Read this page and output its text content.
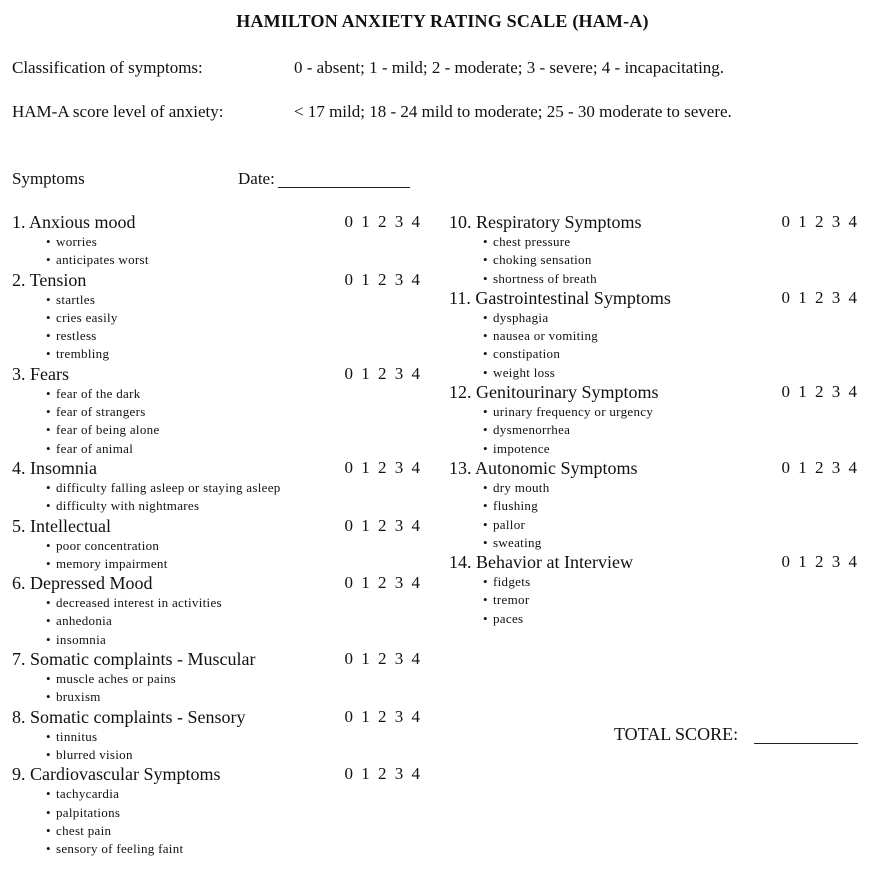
HAMILTON ANXIETY RATING SCALE (HAM-A)
Classification of symptoms:	0 - absent; 1 - mild; 2 - moderate; 3 - severe; 4 - incapacitating.
HAM-A score level of anxiety:	< 17 mild; 18 - 24 mild to moderate; 25 - 30 moderate to severe.
Symptoms	Date:
1. Anxious mood	0 1 2 3 4
• worries
• anticipates worst
2. Tension	0 1 2 3 4
• startles
• cries easily
• restless
• trembling
3. Fears	0 1 2 3 4
• fear of the dark
• fear of strangers
• fear of being alone
• fear of animal
4. Insomnia	0 1 2 3 4
• difficulty falling asleep or staying asleep
• difficulty with nightmares
5. Intellectual	0 1 2 3 4
• poor concentration
• memory impairment
6. Depressed Mood	0 1 2 3 4
• decreased interest in activities
• anhedonia
• insomnia
7. Somatic complaints - Muscular	0 1 2 3 4
• muscle aches or pains
• bruxism
8. Somatic complaints - Sensory	0 1 2 3 4
• tinnitus
• blurred vision
9. Cardiovascular Symptoms	0 1 2 3 4
• tachycardia
• palpitations
• chest pain
• sensory of feeling faint
10. Respiratory Symptoms	0 1 2 3 4
• chest pressure
• choking sensation
• shortness of breath
11. Gastrointestinal Symptoms	0 1 2 3 4
• dysphagia
• nausea or vomiting
• constipation
• weight loss
12. Genitourinary Symptoms	0 1 2 3 4
• urinary frequency or urgency
• dysmenorrhea
• impotence
13. Autonomic Symptoms	0 1 2 3 4
• dry mouth
• flushing
• pallor
• sweating
14. Behavior at Interview	0 1 2 3 4
• fidgets
• tremor
• paces
TOTAL SCORE:
